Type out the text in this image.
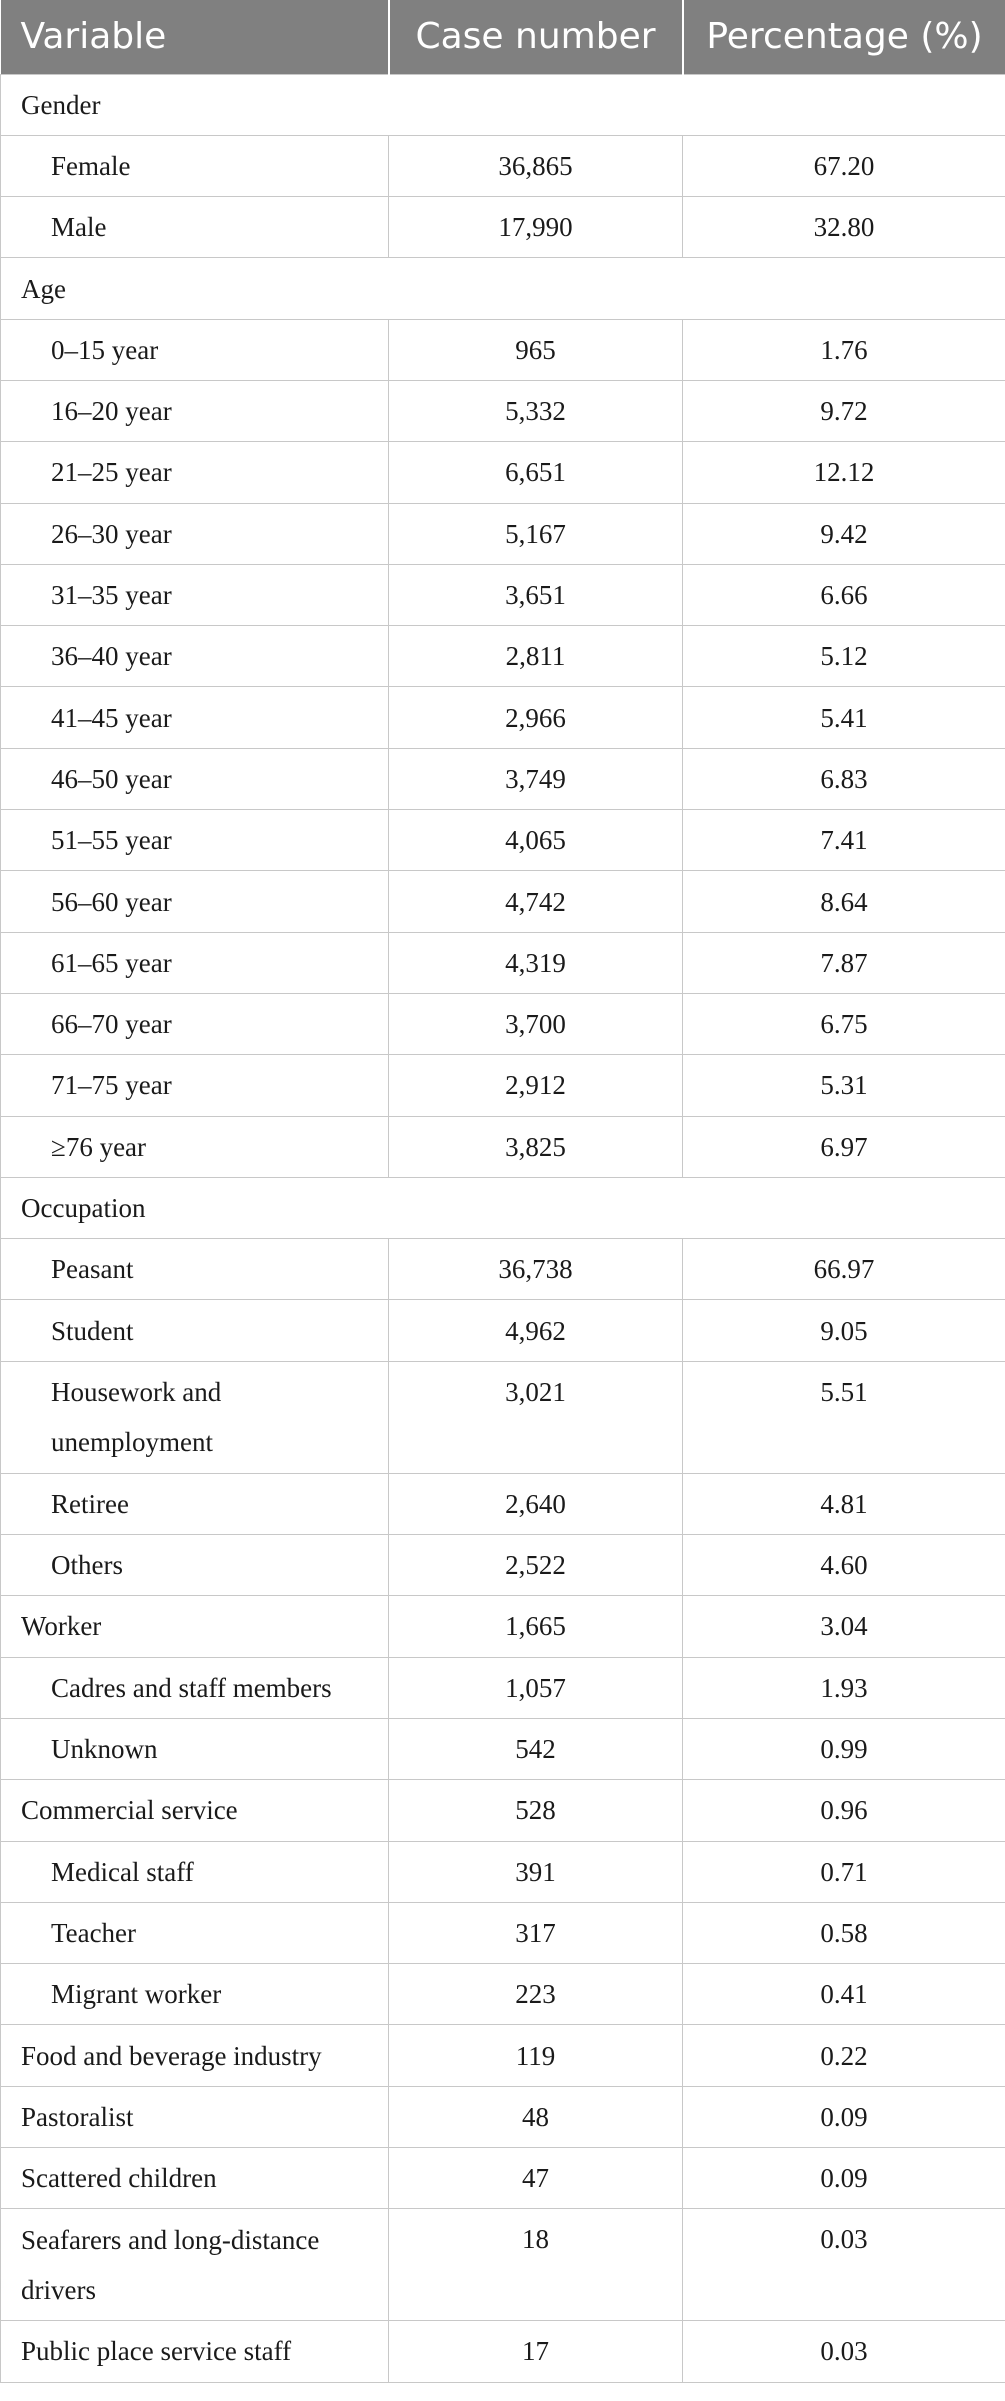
Variable	Case number	Percentage (%)
Gender		
Female	36,865	67.20
Male	17,990	32.80
Age		
0–15 year	965	1.76
16–20 year	5,332	9.72
21–25 year	6,651	12.12
26–30 year	5,167	9.42
31–35 year	3,651	6.66
36–40 year	2,811	5.12
41–45 year	2,966	5.41
46–50 year	3,749	6.83
51–55 year	4,065	7.41
56–60 year	4,742	8.64
61–65 year	4,319	7.87
66–70 year	3,700	6.75
71–75 year	2,912	5.31
≥76 year	3,825	6.97
Occupation		
Peasant	36,738	66.97
Student	4,962	9.05
Housework and unemployment	3,021	5.51
Retiree	2,640	4.81
Others	2,522	4.60
Worker	1,665	3.04
Cadres and staff members	1,057	1.93
Unknown	542	0.99
Commercial service	528	0.96
Medical staff	391	0.71
Teacher	317	0.58
Migrant worker	223	0.41
Food and beverage industry	119	0.22
Pastoralist	48	0.09
Scattered children	47	0.09
Seafarers and long-distance drivers	18	0.03
Public place service staff	17	0.03
